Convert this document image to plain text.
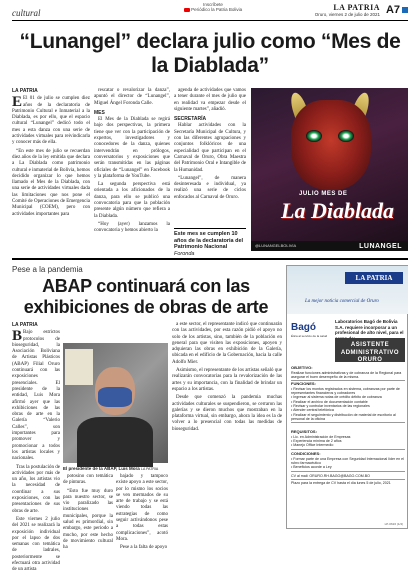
cultural
Inscríbete
Periódico la Patria Bolivia	LA PATRIA
Oruro, viernes 2 de julio de 2021 A7
“Lunangel” declara julio como “Mes de la Diablada”
LA PATRIA

E El 01 de julio se cumplen diez años de la declaratoria de Patrimonio Cultural e Inmaterial a la Diablada, es por ello, que el espacio cultural “Lunangel” dedicó todo el mes a esta danza con una serie de actividades virtuales para reivindicarla y conocer más de ella.

“En este mes de julio se recuerdan diez años de la ley emitida que declara a La Diablada como patrimonio cultural e inmaterial de Bolivia, hemos decidido organizar lo que hemos llamado el Mes de la Diablada, con una serie de actividades virtuales dada las limitaciones que nos pone el Comité de Operaciones de Emergencia Municipal (COEM), pero con actividades importantes para

rescatar o revalorizar la danza”, apuntó el director de “Lunangel”, Miguel Ángel Foronda Calle.

MES

El Mes de la Diablada se regirá bajo dos perspectivas, la primera tiene que ver con la participación de expertos, investigadores y conocedores de la danza, quienes intervendrán en prólogos, conversatorios y exposiciones que serán transmitidas en las páginas oficiales de “Lunangel” en Facebook y la plataforma de YouTube.

La segunda perspectiva está orientada a los aficionados de la danza, para ello se publicó una convocatoria para que la población presente algún número que refiera a la Diablada.

“Hoy (ayer) lanzamos la convocatoria y hemos abierto la

agenda de actividades que vamos a tener durante el mes de julio que en realidad va empezar desde el siguiente martes”, añadió.

SECRETARÍA

Hablar actividades con la Secretaría Municipal de Cultura, y con las diferentes agrupaciones y conjuntos folklóricos de una especialidad que participan en el Carnaval de Oruro, Obra Maestra del Patrimonio Oral e Intangible de la Humanidad.

“Lunangel”, de manera desinteresada e individual, ya realizó una serie de ciclos enfocados al Carnaval de Oruro.

Este mes se cumplen 10 años de la declaratoria del Patrimonio Nacional
Foronda
JULIO MES DE
La Diablada
@LUNANGELBOLIVIA	LUNANGEL
Pese a la pandemia
ABAP continuará con las exhibiciones de obras de arte
LA PATRIA

B Bajo estrictos protocolos de bioseguridad, la Asociación Boliviana de Artistas Plásticos (ABAP) Filial Oruro continuará con las exposiciones presenciales. El presidente de la entidad, Luis Mora afirmó ayer que las exhibiciones de las obras de arte en la Galería “Valerio Calles”, son importantes para promover y promocionar a todos los artistas locales y nacionales.

Tras la postulación de actividades por más de un año, los artistas vio la necesidad de coordinar a sus exposiciones, con las presentaciones de sus obras de arte.

Este viernes 2 julio del 2021 se realizará la exposición individual por el lapso de dos semanas con temática de ladrales, posteriormente se efectuará otra actividad de un artista

El presidente de la ABAP, Luis Mora LA PATRIA

potosino con temática de pinturas.

“Esto fue muy duro para nuestro sector, se vio paralizado las instituciones municipales, porque la salud es primordial, sin embargo, este periodo a mucho, por este hecho de movimiento cultural ha

bajado y tampoco existe apoyo a este sector, por lo mismo los socios se ven mermados de su arte de trabajo y se está viendo todas las estrategias de como seguir activándonos pese a todas estas complicaciones”, acotó Mora.

Pese a la falta de apoyo

a este sector, el representante indicó que continuarán con las actividades, por esta razón pidió el apoyo no solo de los artistas, sino, también de la población en general para que visiten las exposiciones, apoyen y adquieran las obras en exhibición de la Galería, ubicada en el edificio de la Gobernación, hacia la calle Adolfo Mier.

Asimismo, el representante de los artistas señaló que realizarán convocatorias para la revalorización de las artes y su importancia, con la finalidad de brindar un espacio a los artistas.

Desde que comenzó la pandemia muchas actividades culturales se suspendieron, se cerraron las galerías y se dieron muchos que mostraban en la plataforma virtual, sin embargo, ahora la idea es la de volver a lo presencial con todas las medidas de bioseguridad.

LA PATRIA
La mejor noticia comercial de Oruro
Bagó
Ética al servicio de la salud
Laboratorios Bagó de Bolivia S.A. requiere incorporar a un profesional de alto nivel, para el
ASISTENTE ADMINISTRATIVO ORURO
OBJETIVO:
Realizar funciones administrativas y de cobranza de la Regional para asegurar el buen desempeño de la misma.
FUNCIONES:
• Revisar los montos registrados en sistema, cobranzas por parte de representantes financieros y cobradores
• Ingresar al sistema notas de crédito débito de cobranza
• Realizar el archivo de documentación contable
• Revisar y controlar inventarios de las regionales
• Atender central telefónica
• Realizar el seguimiento y distribución de material de escritorio al personal de la oficina
REQUISITOS:
• Lic. en Administración de Empresas
• Experiencia mínima de 2 años
• Manejo Office Intermedio
CONDICIONES:
• Formar parte de una Empresa con Seguridad Internacional líder en el rubro farmacéutico
• Beneficios acorde a Ley
CV al mail: ORURO.RH.BAGO@BAGO.COM.BO
Plazo para la entrega de CV hasta el día lunes 5 de julio, 2021
LP-0616 (1/4)
